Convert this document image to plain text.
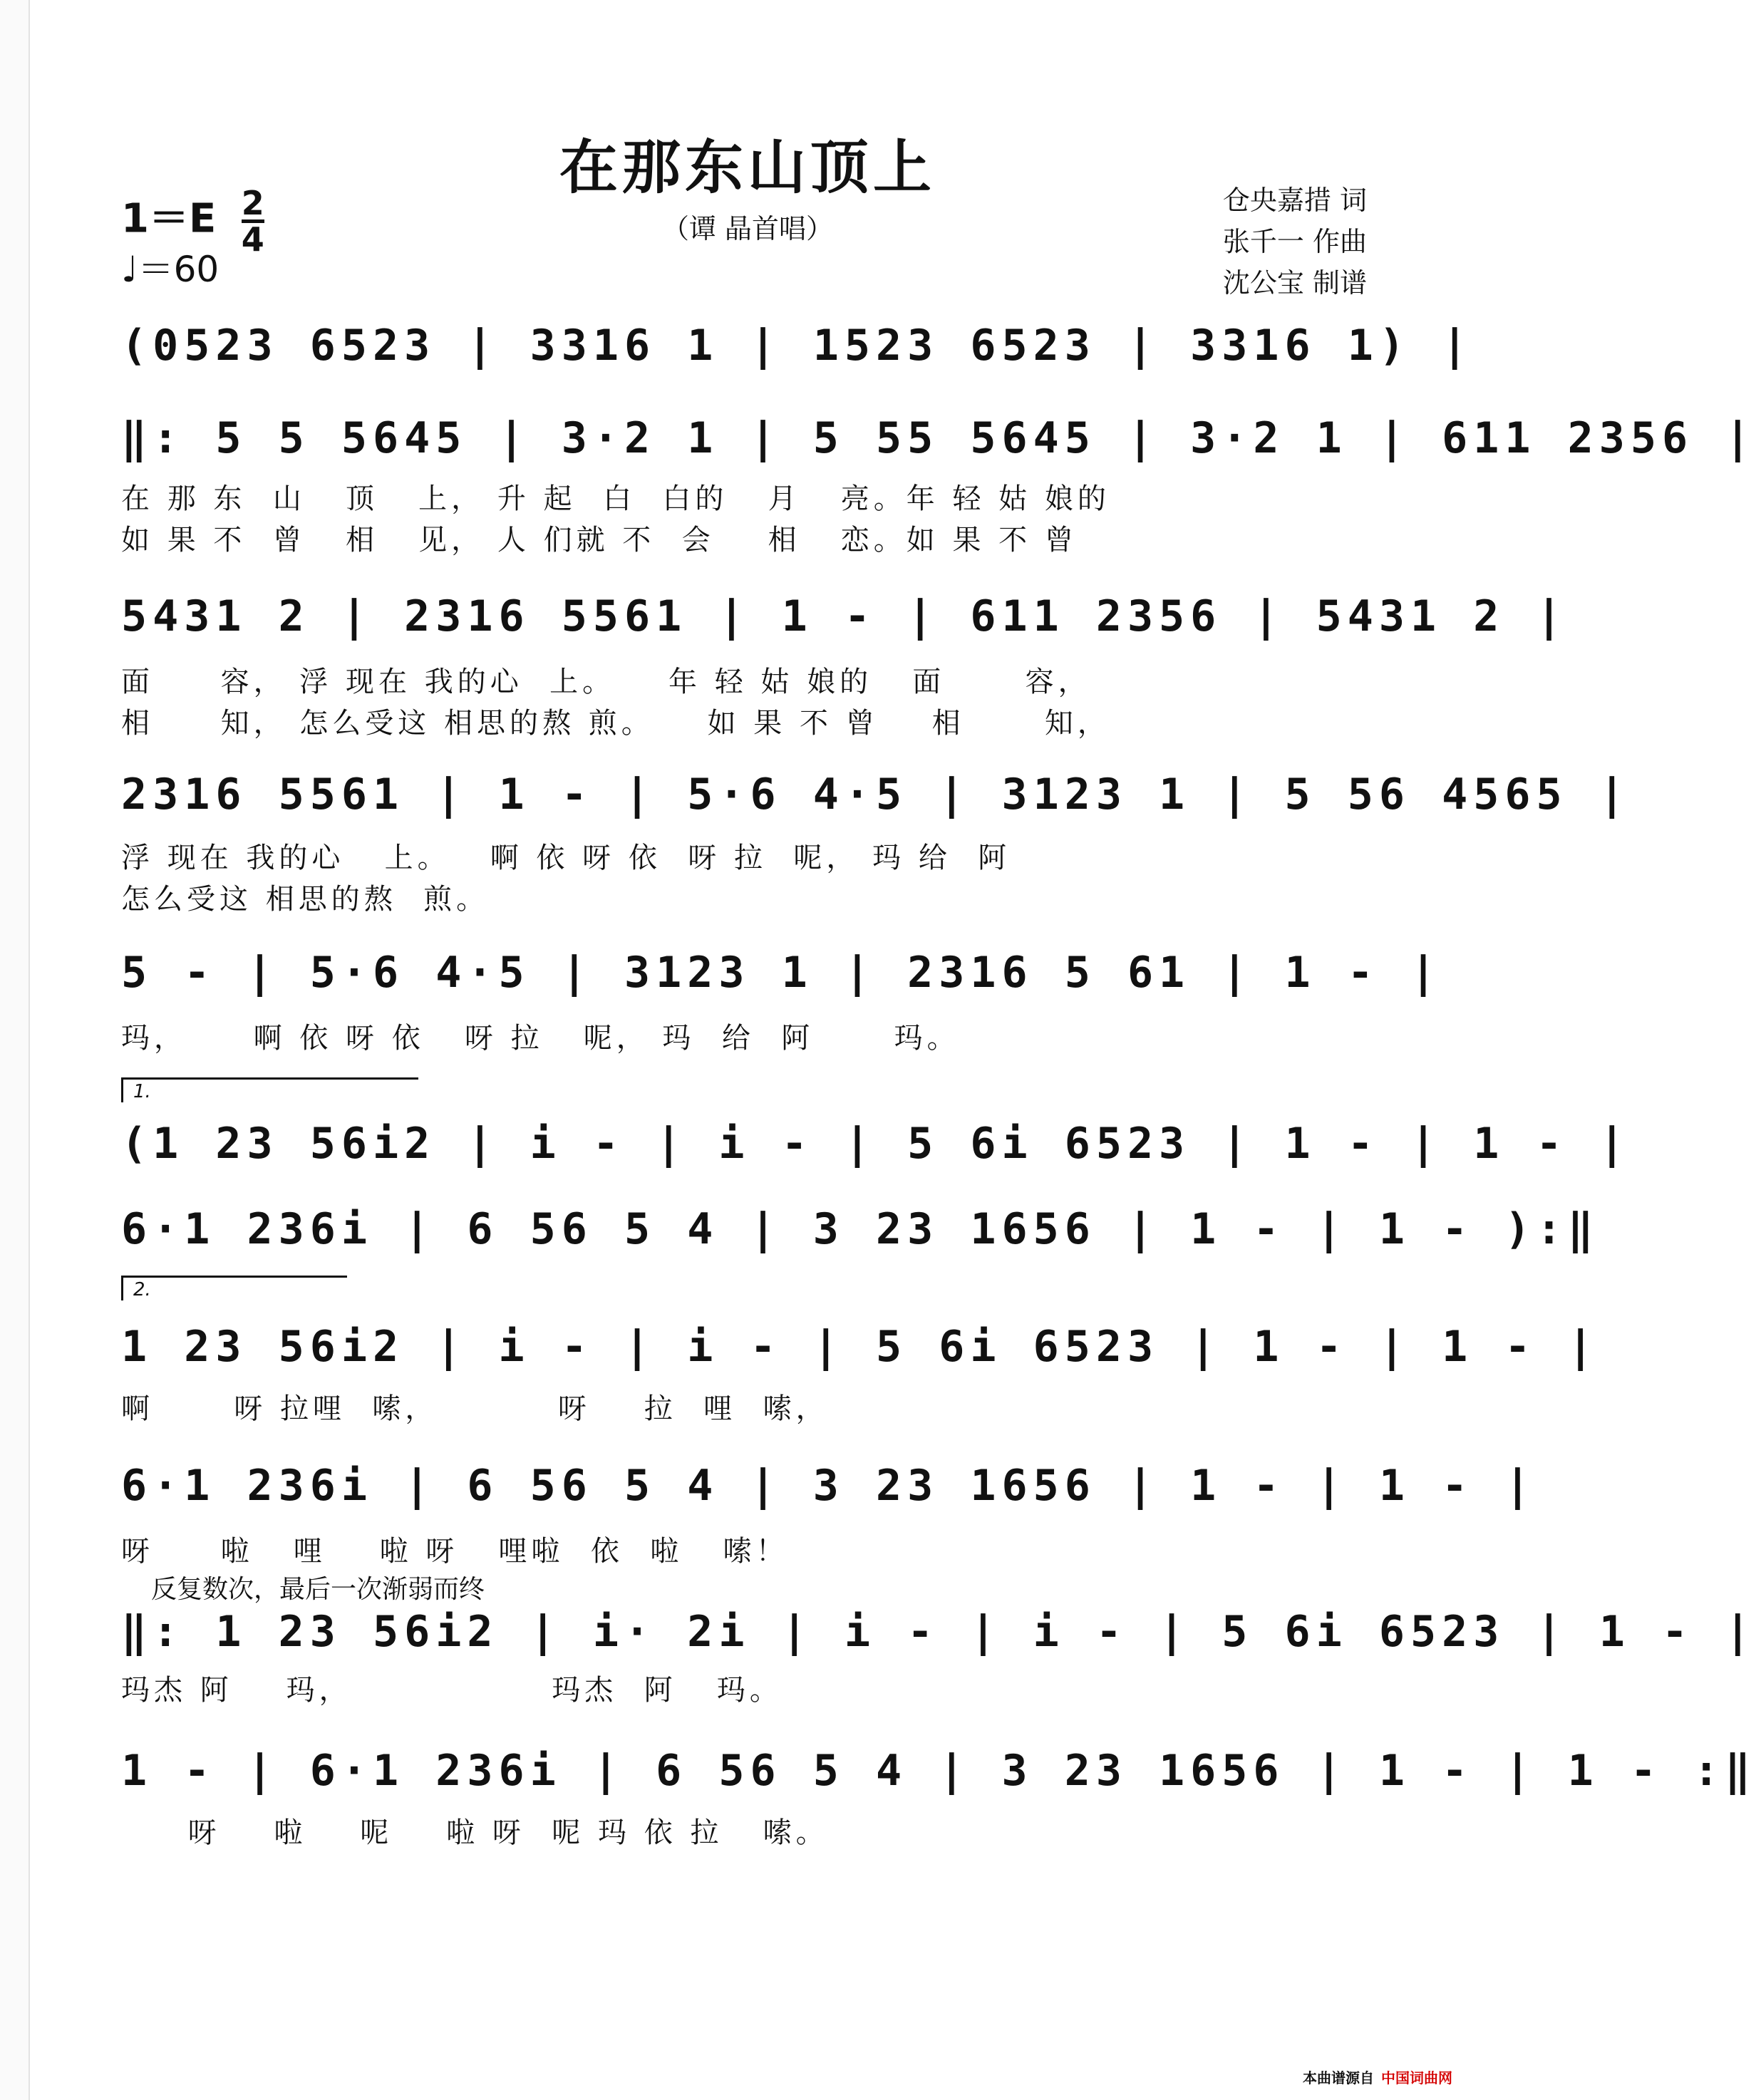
在那东山顶上
（谭 晶首唱）
$1=E \frac{2}{4}$
♩＝60
仓央嘉措 词
张千一 作曲
沈公宝 制谱
(0523 6523 | 3316 1 | 1523 6523 | 3316 1) |
‖: 5 5 5645 | 3·2 1 | 5 55 5645 | 3·2 1 | 611 2356 |
在 那 东  山   顶   上， 升 起  白  白的   月   亮。年 轻 姑 娘的
如 果 不  曾   相   见， 人 们就 不  会    相   恋。如 果 不 曾
5431 2 | 2316 5561 | 1 - | 611 2356 | 5431 2 |
面     容， 浮 现在 我的心  上。    年 轻 姑 娘的   面      容，
相     知， 怎么受这 相思的熬 煎。    如 果 不 曾    相      知，
2316 5561 | 1 - | 5·6 4·5 | 3123 1 | 5 56 4565 |
浮 现在 我的心   上。   啊 依 呀 依  呀 拉  呢， 玛 给  阿
怎么受这 相思的熬  煎。
5 - | 5·6 4·5 | 3123 1 | 2316 5 61 | 1 - |
玛，     啊 依 呀 依   呀 拉   呢， 玛  给  阿      玛。
1.
(1 23 56i2 | i - | i - | 5 6i 6523 | 1 - | 1 - |
6·1 236i | 6 56 5 4 | 3 23 1656 | 1 - | 1 - ):‖
2.
1 23 56i2 | i - | i - | 5 6i 6523 | 1 - | 1 - |
啊      呀 拉哩  嗦，         呀    拉  哩  嗦，
6·1 236i | 6 56 5 4 | 3 23 1656 | 1 - | 1 - |
呀     啦   哩    啦 呀   哩啦  依  啦   嗦！
反复数次，最后一次渐弱而终
‖: 1 23 56i2 | i· 2i | i - | i - | 5 6i 6523 | 1 - |
玛杰 阿    玛，               玛杰  阿   玛。
1 - | 6·1 236i | 6 56 5 4 | 3 23 1656 | 1 - | 1 - :‖
呀    啦    呢    啦 呀  呢 玛 依 拉   嗦。
本曲谱源自 中国词曲网
